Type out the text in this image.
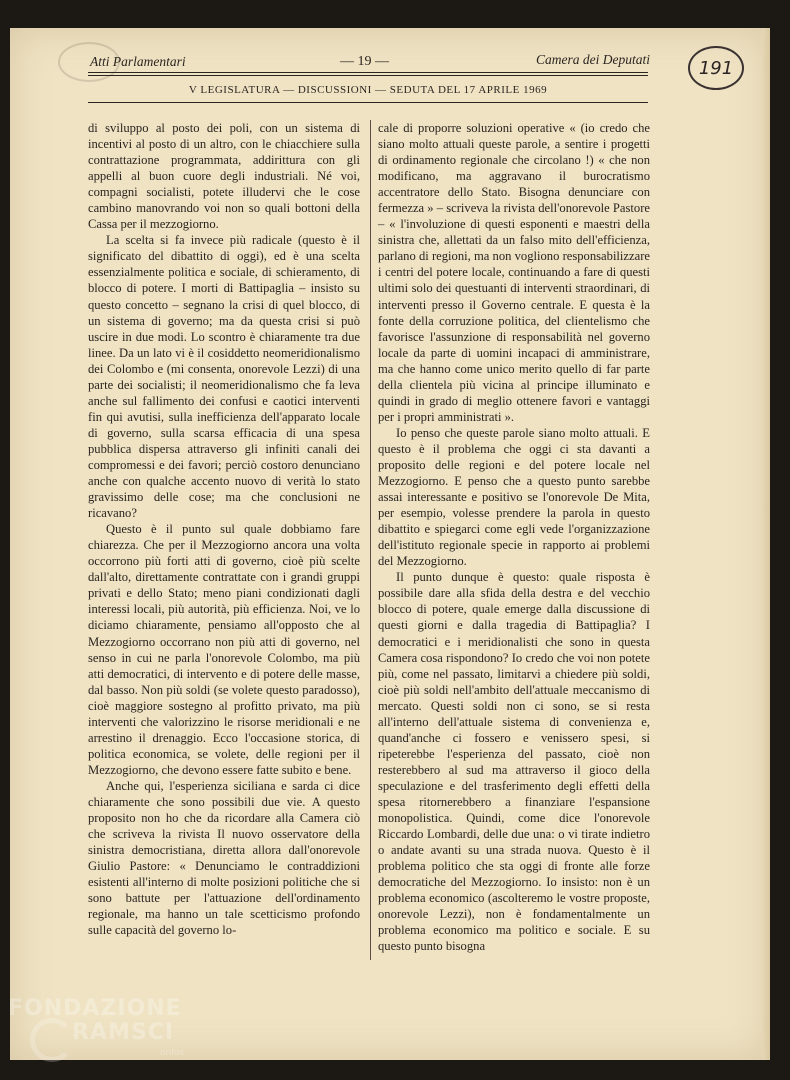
191
Atti Parlamentari	— 19 —	Camera dei Deputati
V LEGISLATURA — DISCUSSIONI — SEDUTA DEL 17 APRILE 1969

di sviluppo al posto dei poli, con un sistema di incentivi al posto di un altro, con le chiacchiere sulla contrattazione programmata, addirittura con gli appelli al buon cuore degli industriali. Né voi, compagni socialisti, potete illudervi che le cose cambino manovrando voi non so quali bottoni della Cassa per il mezzogiorno.

La scelta si fa invece più radicale (questo è il significato del dibattito di oggi), ed è una scelta essenzialmente politica e sociale, di schieramento, di blocco di potere. I morti di Battipaglia – insisto su questo concetto – segnano la crisi di quel blocco, di un sistema di governo; ma da questa crisi si può uscire in due modi. Lo scontro è chiaramente tra due linee. Da un lato vi è il cosiddetto neomeridionalismo dei Colombo e (mi consenta, onorevole Lezzi) di una parte dei socialisti; il neomeridionalismo che fa leva anche sul fallimento dei confusi e caotici interventi fin qui avutisi, sulla inefficienza dell'apparato locale di governo, sulla scarsa efficacia di una spesa pubblica dispersa attraverso gli infiniti canali dei compromessi e dei favori; perciò costoro denunciano anche con qualche accento nuovo di verità lo stato gravissimo delle cose; ma che conclusioni ne ricavano?

Questo è il punto sul quale dobbiamo fare chiarezza. Che per il Mezzogiorno ancora una volta occorrono più forti atti di governo, cioè più scelte dall'alto, direttamente contrattate con i grandi gruppi privati e dello Stato; meno piani condizionati dagli interessi locali, più autorità, più efficienza. Noi, ve lo diciamo chiaramente, pensiamo all'opposto che al Mezzogiorno occorrano non più atti di governo, nel senso in cui ne parla l'onorevole Colombo, ma più atti democratici, di intervento e di potere delle masse, dal basso. Non più soldi (se volete questo paradosso), cioè maggiore sostegno al profitto privato, ma più interventi che valorizzino le risorse meridionali e ne arrestino il drenaggio. Ecco l'occasione storica, di politica economica, se volete, delle regioni per il Mezzogiorno, che devono essere fatte subito e bene.

Anche qui, l'esperienza siciliana e sarda ci dice chiaramente che sono possibili due vie. A questo proposito non ho che da ricordare alla Camera ciò che scriveva la rivista Il nuovo osservatore della sinistra democristiana, diretta allora dall'onorevole Giulio Pastore: « Denunciamo le contraddizioni esistenti all'interno di molte posizioni politiche che si sono battute per l'attuazione dell'ordinamento regionale, ma hanno un tale scetticismo profondo sulle capacità del governo lo-

cale di proporre soluzioni operative « (io credo che siano molto attuali queste parole, a sentire i progetti di ordinamento regionale che circolano !) « che non modificano, ma aggravano il burocratismo accentratore dello Stato. Bisogna denunciare con fermezza » – scriveva la rivista dell'onorevole Pastore – « l'involuzione di questi esponenti e maestri della sinistra che, allettati da un falso mito dell'efficienza, parlano di regioni, ma non vogliono responsabilizzare i centri del potere locale, continuando a fare di questi ultimi solo dei questuanti di interventi straordinari, di interventi presso il Governo centrale. E questa è la fonte della corruzione politica, del clientelismo che favorisce l'assunzione di responsabilità nel governo locale da parte di uomini incapaci di amministrare, ma che hanno come unico merito quello di far parte della clientela più vicina al principe illuminato e quindi in grado di meglio ottenere favori e vantaggi per i propri amministrati ».

Io penso che queste parole siano molto attuali. E questo è il problema che oggi ci sta davanti a proposito delle regioni e del potere locale nel Mezzogiorno. E penso che a questo punto sarebbe assai interessante e positivo se l'onorevole De Mita, per esempio, volesse prendere la parola in questo dibattito e spiegarci come egli vede l'organizzazione dell'istituto regionale specie in rapporto ai problemi del Mezzogiorno.

Il punto dunque è questo: quale risposta è possibile dare alla sfida della destra e del vecchio blocco di potere, quale emerge dalla discussione di questi giorni e dalla tragedia di Battipaglia? I democratici e i meridionalisti che sono in questa Camera cosa rispondono? Io credo che voi non potete più, come nel passato, limitarvi a chiedere più soldi, cioè più soldi nell'ambito dell'attuale meccanismo di mercato. Questi soldi non ci sono, se si resta all'interno dell'attuale sistema di convenienza e, quand'anche ci fossero e venissero spesi, si ripeterebbe l'esperienza del passato, cioè non resterebbero al sud ma attraverso il gioco della speculazione e del trasferimento degli effetti della spesa ritornerebbero a finanziare l'espansione monopolistica. Quindi, come dice l'onorevole Riccardo Lombardi, delle due una: o vi tirate indietro o andate avanti su una strada nuova. Questo è il problema politico che sta oggi di fronte alle forze democratiche del Mezzogiorno. Io insisto: non è un problema economico (ascolteremo le vostre proposte, onorevole Lezzi), non è fondamentalmente un problema economico ma politico e sociale. E su questo punto bisogna

FONDAZIONE
RAMSCI
onlus
